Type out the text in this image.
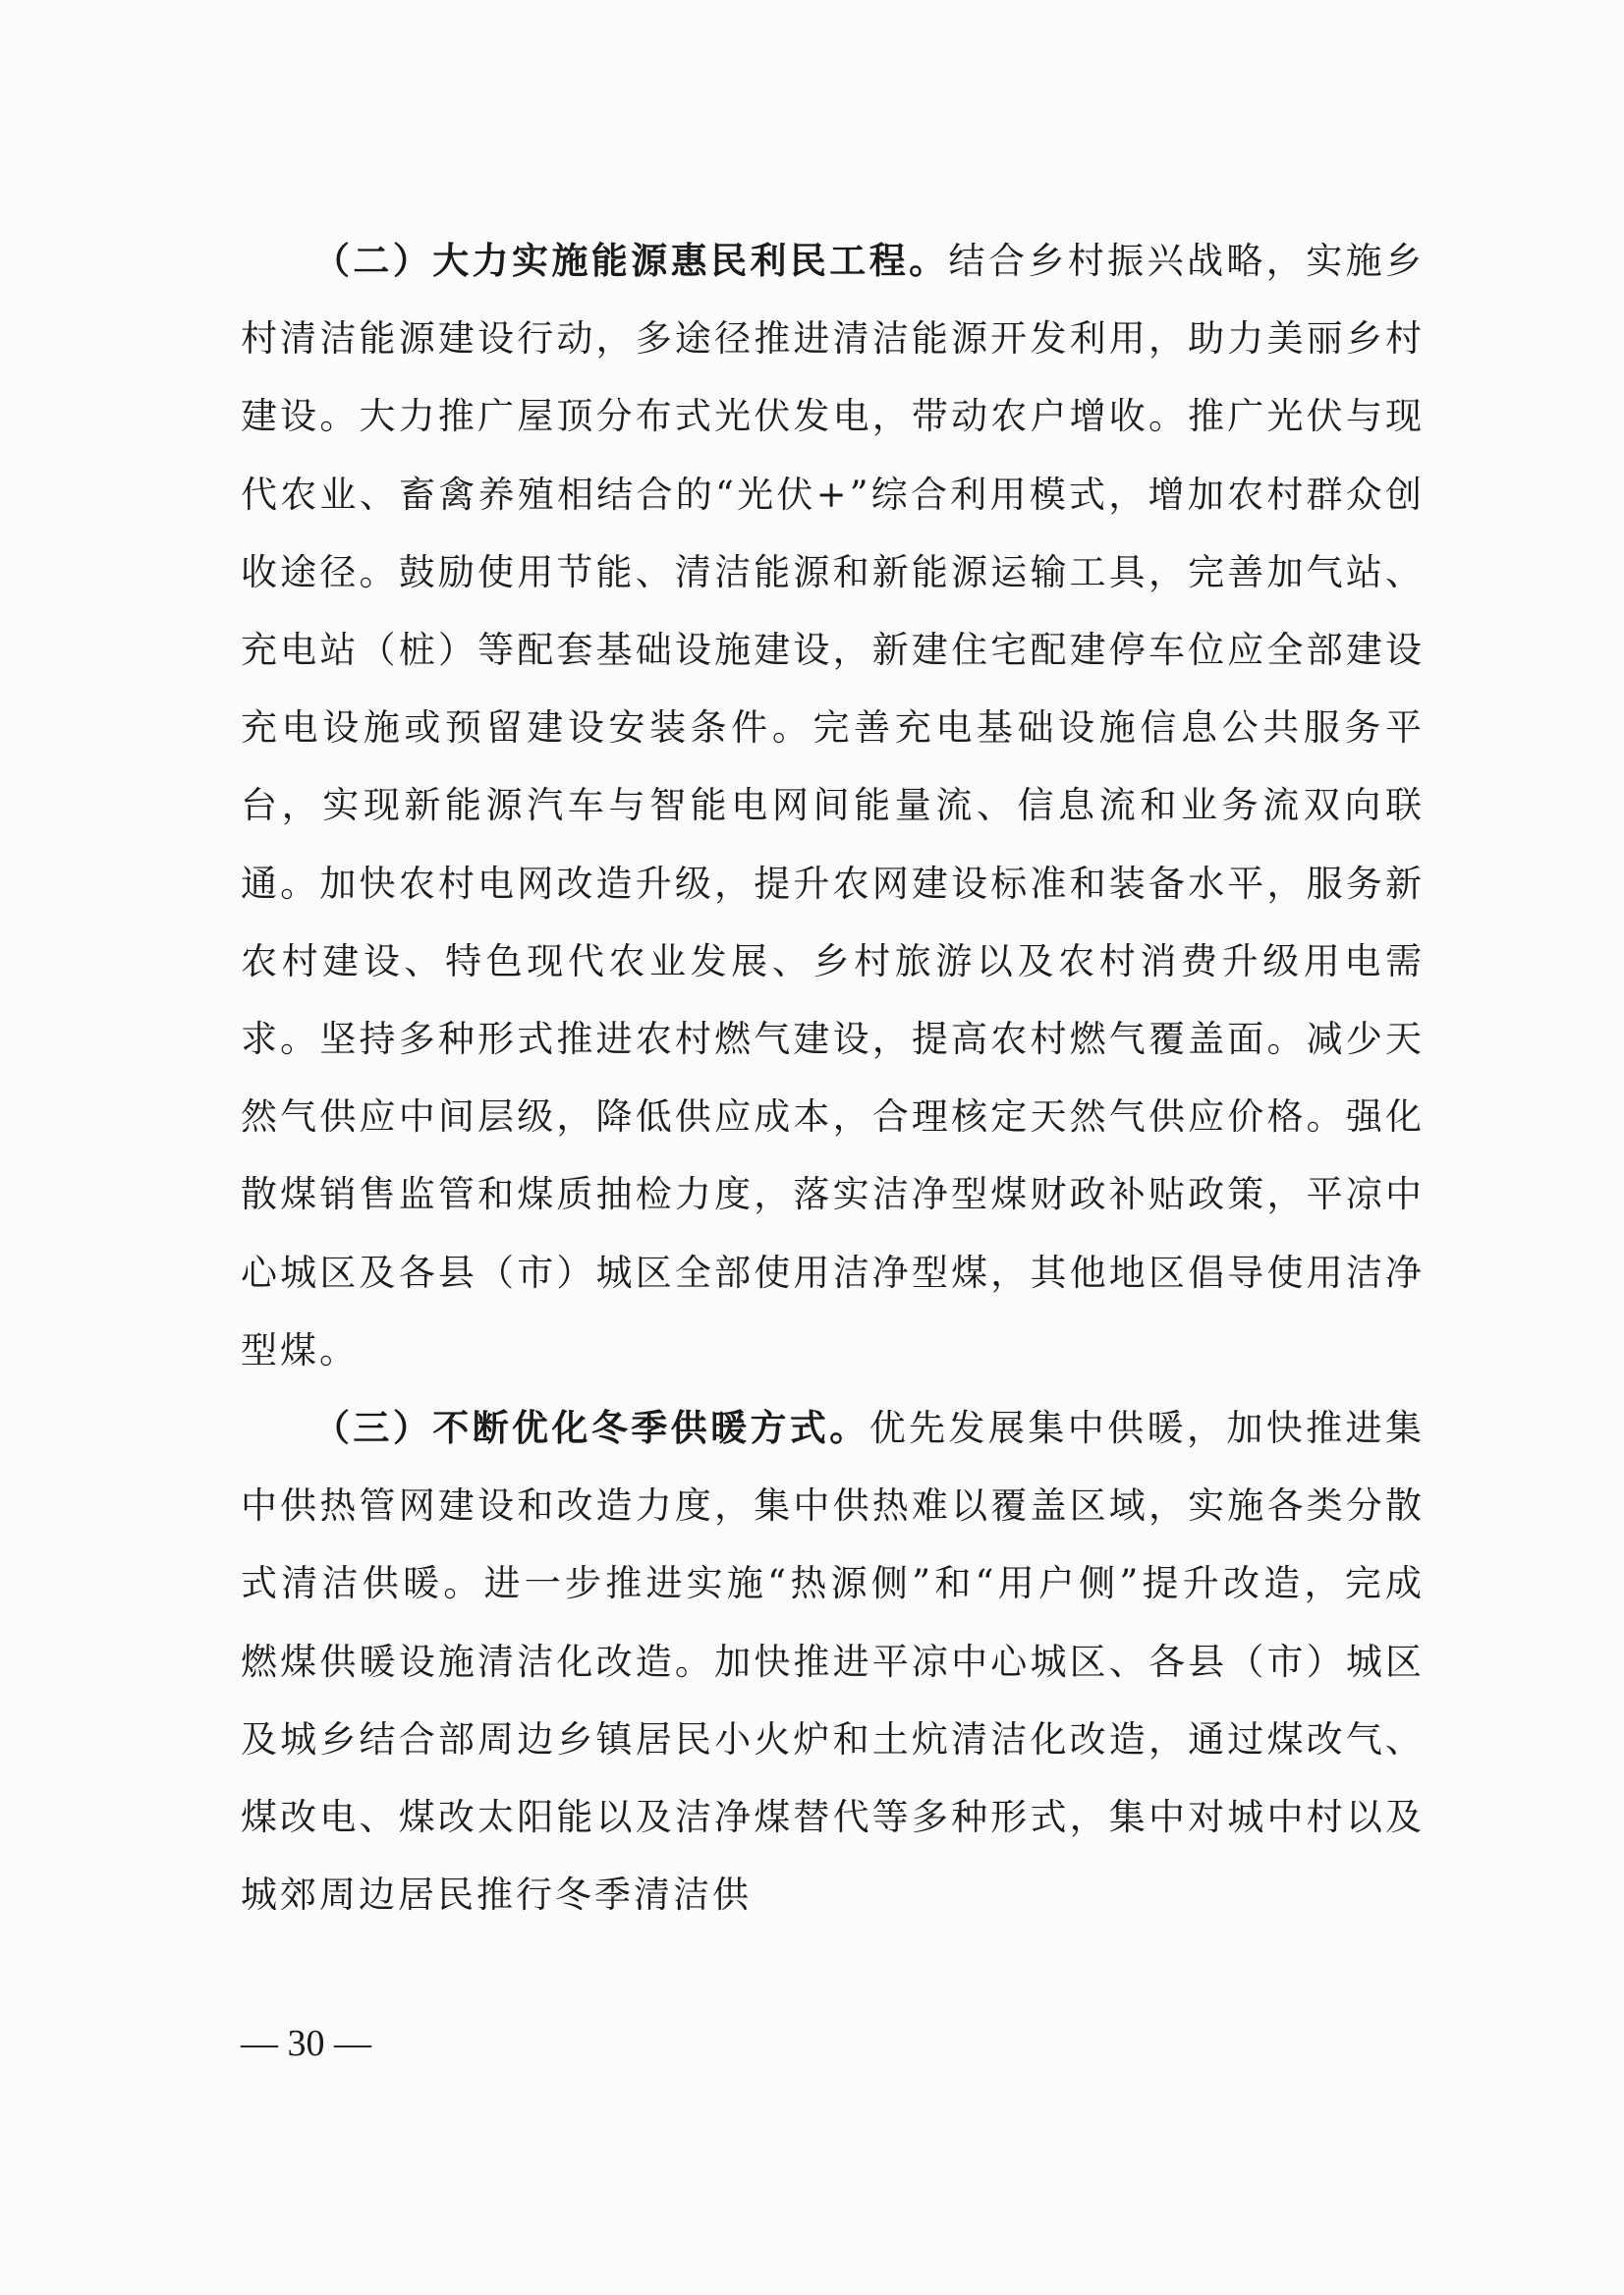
（二）大力实施能源惠民利民工程。结合乡村振兴战略，实施乡村清洁能源建设行动，多途径推进清洁能源开发利用，助力美丽乡村建设。大力推广屋顶分布式光伏发电，带动农户增收。推广光伏与现代农业、畜禽养殖相结合的“光伏+”综合利用模式，增加农村群众创收途径。鼓励使用节能、清洁能源和新能源运输工具，完善加气站、充电站（桩）等配套基础设施建设，新建住宅配建停车位应全部建设充电设施或预留建设安装条件。完善充电基础设施信息公共服务平台，实现新能源汽车与智能电网间能量流、信息流和业务流双向联通。加快农村电网改造升级，提升农网建设标准和装备水平，服务新农村建设、特色现代农业发展、乡村旅游以及农村消费升级用电需求。坚持多种形式推进农村燃气建设，提高农村燃气覆盖面。减少天然气供应中间层级，降低供应成本，合理核定天然气供应价格。强化散煤销售监管和煤质抽检力度，落实洁净型煤财政补贴政策，平凉中心城区及各县（市）城区全部使用洁净型煤，其他地区倡导使用洁净型煤。

（三）不断优化冬季供暖方式。优先发展集中供暖，加快推进集中供热管网建设和改造力度，集中供热难以覆盖区域，实施各类分散式清洁供暖。进一步推进实施“热源侧”和“用户侧”提升改造，完成燃煤供暖设施清洁化改造。加快推进平凉中心城区、各县（市）城区及城乡结合部周边乡镇居民小火炉和土炕清洁化改造，通过煤改气、煤改电、煤改太阳能以及洁净煤替代等多种形式，集中对城中村以及城郊周边居民推行冬季清洁供

— 30 —
